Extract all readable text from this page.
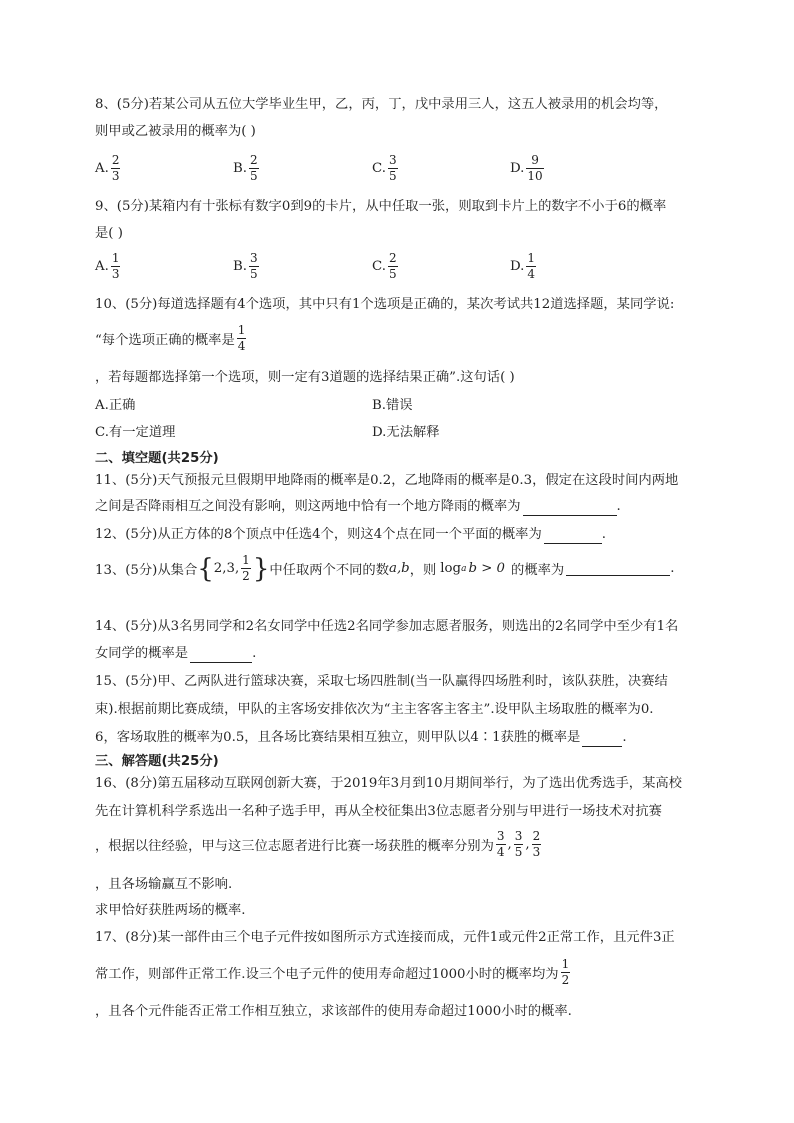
8、(5分)若某公司从五位大学毕业生甲，乙，丙，丁，戊中录用三人，这五人被录用的机会均等，
则甲或乙被录用的概率为( )
A. $\frac{2}{3}$	B. $\frac{2}{5}$	C. $\frac{3}{5}$	D. $\frac{9}{10}$
9、(5分)某箱内有十张标有数字0到9的卡片，从中任取一张，则取到卡片上的数字不小于6的概率
是( )
A. $\frac{1}{3}$	B. $\frac{3}{5}$	C. $\frac{2}{5}$	D. $\frac{1}{4}$
10、(5分)每道选择题有4个选项，其中只有1个选项是正确的，某次考试共12道选择题，某同学说:
“每个选项正确的概率是 $\frac{1}{4}$
，若每题都选择第一个选项，则一定有3道题的选择结果正确”.这句话( )
A.正确	B.错误
C.有一定道理	D.无法解释
二、填空题(共25分)
11、(5分)天气预报元旦假期甲地降雨的概率是0.2，乙地降雨的概率是0.3，假定在这段时间内两地
之间是否降雨相互之间没有影响，则这两地中恰有一个地方降雨的概率为	.
12、(5分)从正方体的8个顶点中任选4个，则这4个点在同一个平面的概率为	.
13、(5分)从集合 { 2,3, $\frac{1}{2}$ } 中任取两个不同的数 a,b ，则 log a b > 0 的概率为	.
14、(5分)从3名男同学和2名女同学中任选2名同学参加志愿者服务，则选出的2名同学中至少有1名
女同学的概率是	.
15、(5分)甲、乙两队进行篮球决赛，采取七场四胜制(当一队赢得四场胜利时，该队获胜，决赛结
束).根据前期比赛成绩，甲队的主客场安排依次为“主主客客主客主”.设甲队主场取胜的概率为0.
6，客场取胜的概率为0.5，且各场比赛结果相互独立，则甲队以4∶1获胜的概率是	.
三、解答题(共25分)
16、(8分)第五届移动互联网创新大赛，于2019年3月到10月期间举行，为了选出优秀选手，某高校
先在计算机科学系选出一名种子选手甲，再从全校征集出3位志愿者分别与甲进行一场技术对抗赛
，根据以往经验，甲与这三位志愿者进行比赛一场获胜的概率分别为 $\frac{3}{4}$ , $\frac{3}{5}$ , $\frac{2}{3}$
，且各场输赢互不影响.
求甲恰好获胜两场的概率.
17、(8分)某一部件由三个电子元件按如图所示方式连接而成，元件1或元件2正常工作，且元件3正
常工作，则部件正常工作.设三个电子元件的使用寿命超过1000小时的概率均为 $\frac{1}{2}$
，且各个元件能否正常工作相互独立，求该部件的使用寿命超过1000小时的概率.
